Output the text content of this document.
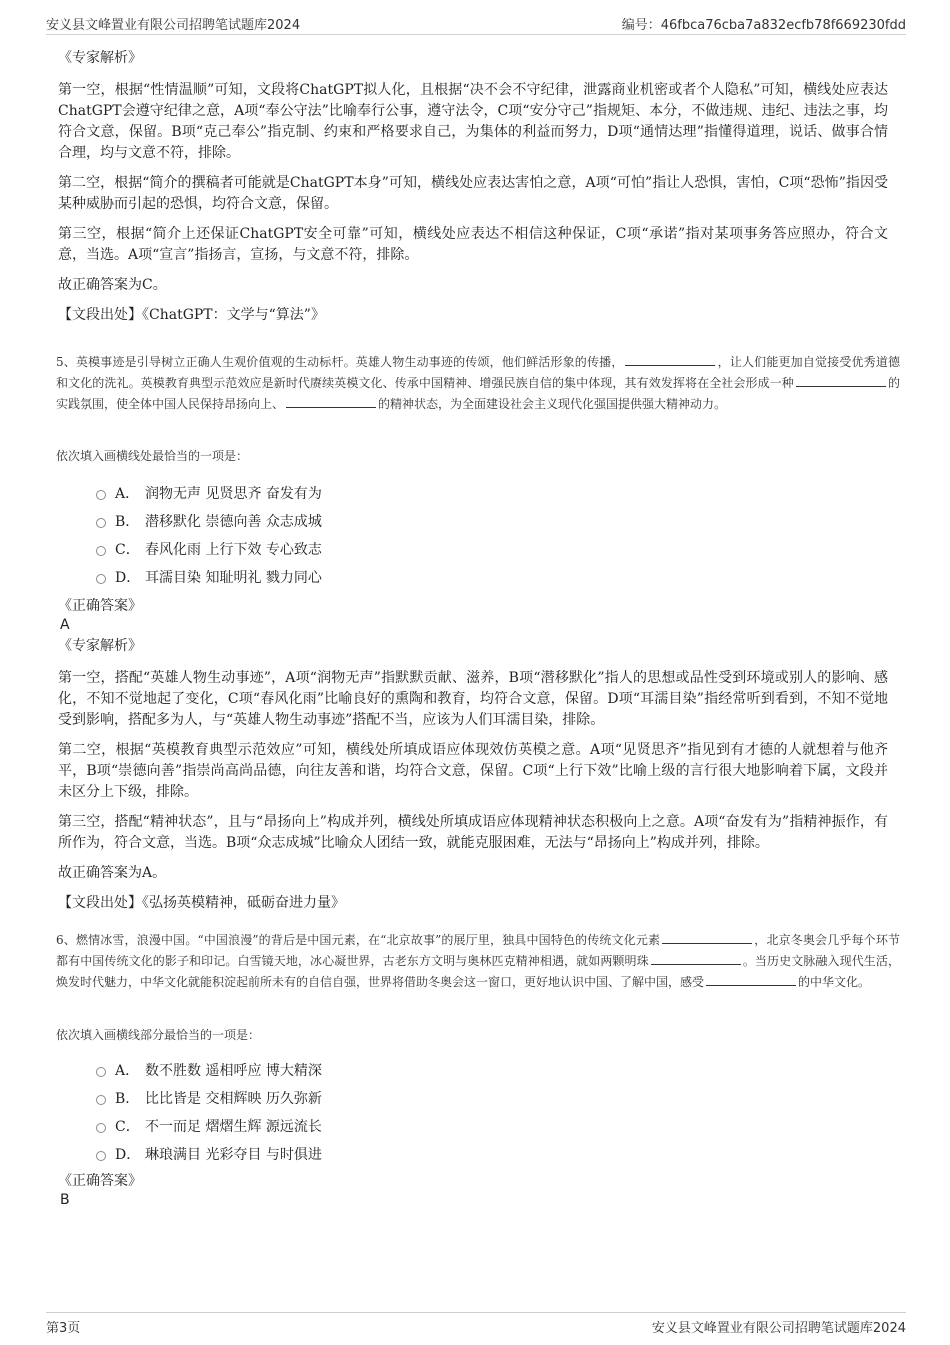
安义县文峰置业有限公司招聘笔试题库2024	编号：46fbca76cba7a832ecfb78f669230fdd
《专家解析》
第一空，根据“性情温顺”可知，文段将ChatGPT拟人化，且根据“决不会不守纪律，泄露商业机密或者个人隐私”可知，横线处应表达ChatGPT会遵守纪律之意，A项“奉公守法”比喻奉行公事，遵守法令，C项“安分守己”指规矩、本分，不做违规、违纪、违法之事，均符合文意，保留。B项“克己奉公”指克制、约束和严格要求自己，为集体的利益而努力，D项“通情达理”指懂得道理，说话、做事合情合理，均与文意不符，排除。
第二空，根据“简介的撰稿者可能就是ChatGPT本身”可知，横线处应表达害怕之意，A项“可怕”指让人恐惧，害怕，C项“恐怖”指因受某种威胁而引起的恐惧，均符合文意，保留。
第三空，根据“简介上还保证ChatGPT安全可靠”可知，横线处应表达不相信这种保证，C项“承诺”指对某项事务答应照办，符合文意，当选。A项“宣言”指扬言，宣扬，与文意不符，排除。
故正确答案为C。
【文段出处】《ChatGPT：文学与“算法”》
5、英模事迹是引导树立正确人生观价值观的生动标杆。英雄人物生动事迹的传颂，他们鲜活形象的传播，	，让人们能更加自觉接受优秀道德和文化的洗礼。英模教育典型示范效应是新时代赓续英模文化、传承中国精神、增强民族自信的集中体现，其有效发挥将在全社会形成一种	的实践氛围，使全体中国人民保持昂扬向上、	的精神状态，为全面建设社会主义现代化强国提供强大精神动力。
依次填入画横线处最恰当的一项是：
A． 润物无声 见贤思齐 奋发有为
B． 潜移默化 崇德向善 众志成城
C． 春风化雨 上行下效 专心致志
D． 耳濡目染 知耻明礼 戮力同心
《正确答案》
A
《专家解析》
第一空，搭配“英雄人物生动事迹”，A项“润物无声”指默默贡献、滋养，B项“潜移默化”指人的思想或品性受到环境或别人的影响、感化，不知不觉地起了变化，C项“春风化雨”比喻良好的熏陶和教育，均符合文意，保留。D项“耳濡目染”指经常听到看到，不知不觉地受到影响，搭配多为人，与“英雄人物生动事迹”搭配不当，应该为人们耳濡目染，排除。
第二空，根据“英模教育典型示范效应”可知，横线处所填成语应体现效仿英模之意。A项“见贤思齐”指见到有才德的人就想着与他齐平，B项“崇德向善”指崇尚高尚品德，向往友善和谐，均符合文意，保留。C项“上行下效”比喻上级的言行很大地影响着下属，文段并未区分上下级，排除。
第三空，搭配“精神状态”，且与“昂扬向上”构成并列，横线处所填成语应体现精神状态积极向上之意。A项“奋发有为”指精神振作，有所作为，符合文意，当选。B项“众志成城”比喻众人团结一致，就能克服困难，无法与“昂扬向上”构成并列，排除。
故正确答案为A。
【文段出处】《弘扬英模精神，砥砺奋进力量》
6、燃情冰雪，浪漫中国。“中国浪漫”的背后是中国元素，在“北京故事”的展厅里，独具中国特色的传统文化元素	，北京冬奥会几乎每个环节都有中国传统文化的影子和印记。白雪镜天地，冰心凝世界，古老东方文明与奥林匹克精神相遇，就如两颗明珠	。当历史文脉融入现代生活，焕发时代魅力，中华文化就能积淀起前所未有的自信自强，世界将借助冬奥会这一窗口，更好地认识中国、了解中国，感受	的中华文化。
依次填入画横线部分最恰当的一项是：
A． 数不胜数 遥相呼应 博大精深
B． 比比皆是 交相辉映 历久弥新
C． 不一而足 熠熠生辉 源远流长
D． 琳琅满目 光彩夺目 与时俱进
《正确答案》
B
第3页	安义县文峰置业有限公司招聘笔试题库2024
